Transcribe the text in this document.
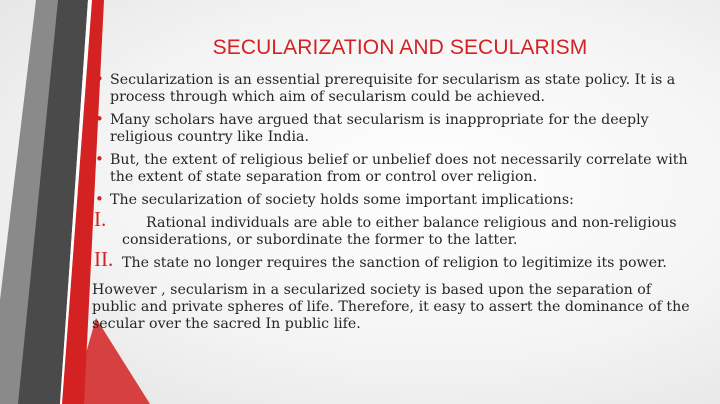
SECULARIZATION AND SECULARISM
• Secularization is an essential prerequisite for secularism as state policy. It is a process through which aim of secularism could be achieved.
• Many scholars have argued that secularism is inappropriate for the deeply religious country like India.
• But, the extent of religious belief or unbelief does not necessarily correlate with the extent of state separation from or control over religion.
• The secularization of society holds some important implications:
I.	Rational individuals are able to either balance religious and non-religious considerations, or subordinate the former to the latter.
II. The state no longer requires the sanction of religion to legitimize its power.
However , secularism in a secularized society is based upon the separation of public and private spheres of life. Therefore, it easy to assert the dominance of the secular over the sacred In public life.
